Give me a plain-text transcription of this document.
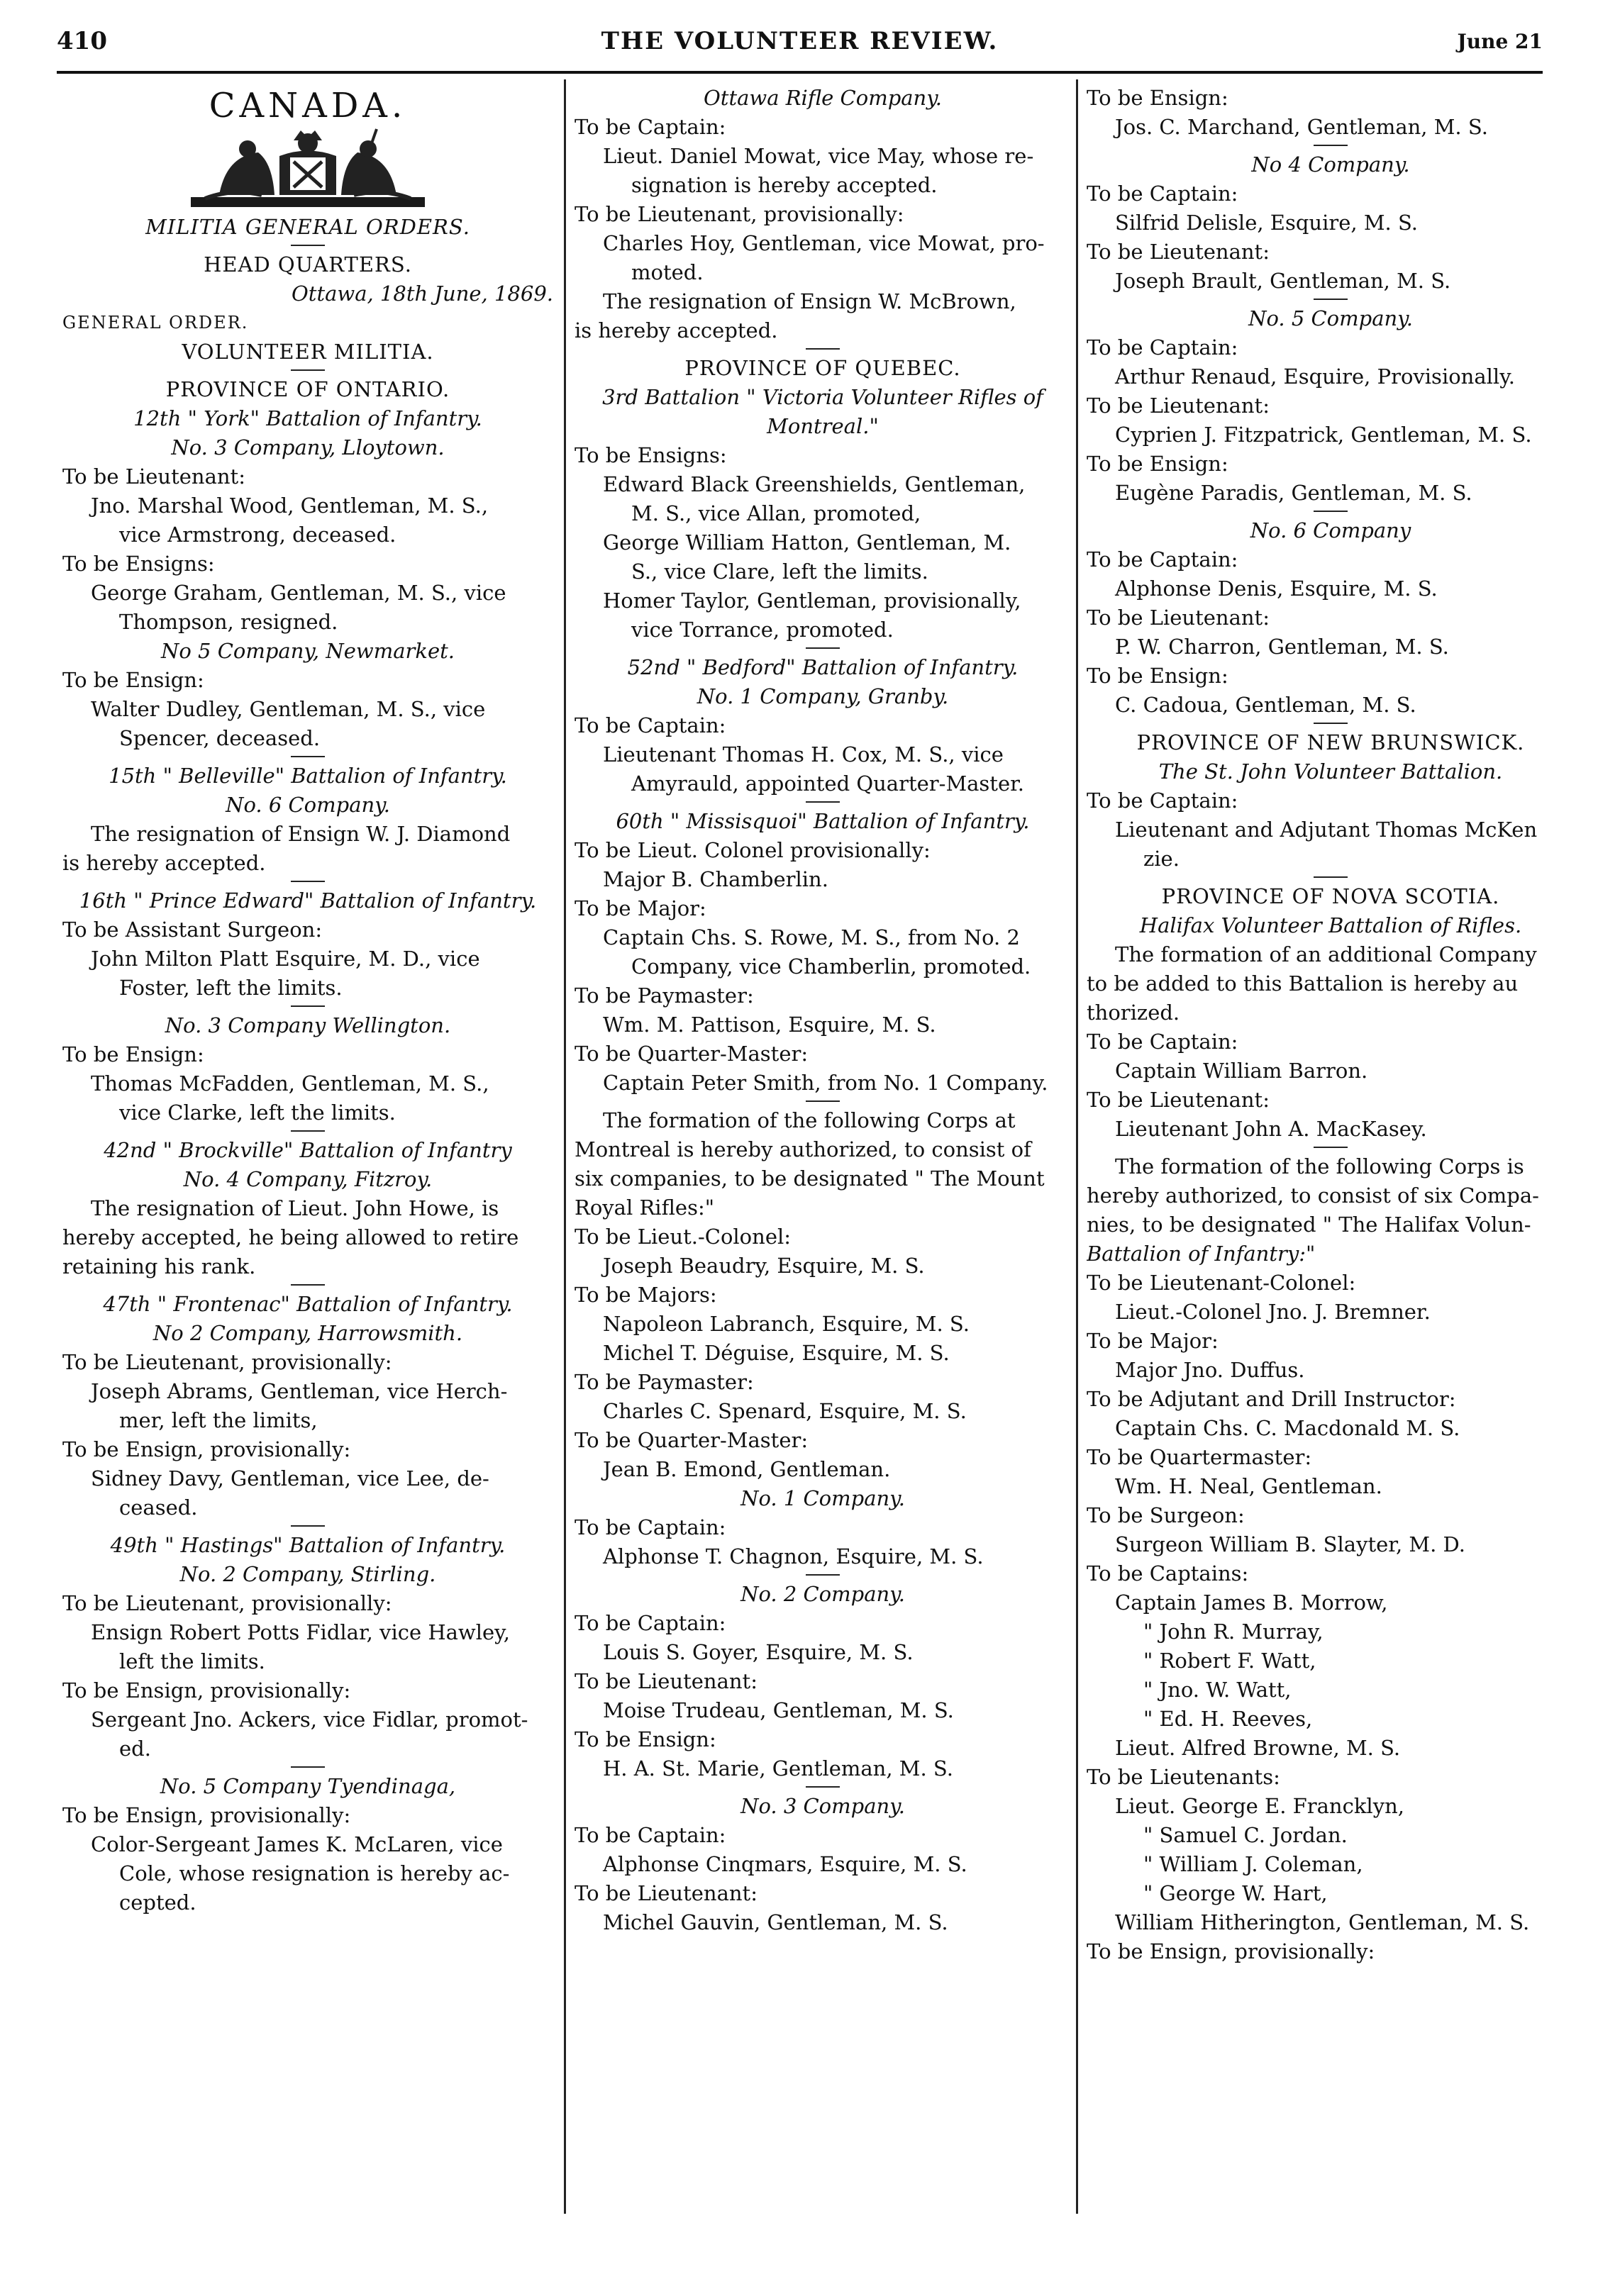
410	THE VOLUNTEER REVIEW.	June 21
CANADA.
MILITIA GENERAL ORDERS.
HEAD QUARTERS.
Ottawa, 18th June, 1869.
GENERAL ORDER.
VOLUNTEER MILITIA.
PROVINCE OF ONTARIO.
12th " York" Battalion of Infantry.
No. 3 Company, Lloytown.
To be Lieutenant:
Jno. Marshal Wood, Gentleman, M. S.,
vice Armstrong, deceased.
To be Ensigns:
George Graham, Gentleman, M. S., vice
Thompson, resigned.
No 5 Company, Newmarket.
To be Ensign:
Walter Dudley, Gentleman, M. S., vice
Spencer, deceased.
15th " Belleville" Battalion of Infantry.
No. 6 Company.
The resignation of Ensign W. J. Diamond
is hereby accepted.
16th " Prince Edward" Battalion of Infantry.
To be Assistant Surgeon:
John Milton Platt Esquire, M. D., vice
Foster, left the limits.
No. 3 Company Wellington.
To be Ensign:
Thomas McFadden, Gentleman, M. S.,
vice Clarke, left the limits.
42nd " Brockville" Battalion of Infantry
No. 4 Company, Fitzroy.
The resignation of Lieut. John Howe, is
hereby accepted, he being allowed to retire
retaining his rank.
47th " Frontenac" Battalion of Infantry.
No 2 Company, Harrowsmith.
To be Lieutenant, provisionally:
Joseph Abrams, Gentleman, vice Herch-
mer, left the limits,
To be Ensign, provisionally:
Sidney Davy, Gentleman, vice Lee, de-
ceased.
49th " Hastings" Battalion of Infantry.
No. 2 Company, Stirling.
To be Lieutenant, provisionally:
Ensign Robert Potts Fidlar, vice Hawley,
left the limits.
To be Ensign, provisionally:
Sergeant Jno. Ackers, vice Fidlar, promot-
ed.
No. 5 Company Tyendinaga,
To be Ensign, provisionally:
Color-Sergeant James K. McLaren, vice
Cole, whose resignation is hereby ac-
cepted.
Ottawa Rifle Company.
To be Captain:
Lieut. Daniel Mowat, vice May, whose re-
signation is hereby accepted.
To be Lieutenant, provisionally:
Charles Hoy, Gentleman, vice Mowat, pro-
moted.
The resignation of Ensign W. McBrown,
is hereby accepted.
PROVINCE OF QUEBEC.
3rd Battalion " Victoria Volunteer Rifles of
Montreal."
To be Ensigns:
Edward Black Greenshields, Gentleman,
M. S., vice Allan, promoted,
George William Hatton, Gentleman, M.
S., vice Clare, left the limits.
Homer Taylor, Gentleman, provisionally,
vice Torrance, promoted.
52nd " Bedford" Battalion of Infantry.
No. 1 Company, Granby.
To be Captain:
Lieutenant Thomas H. Cox, M. S., vice
Amyrauld, appointed Quarter-Master.
60th " Missisquoi" Battalion of Infantry.
To be Lieut. Colonel provisionally:
Major B. Chamberlin.
To be Major:
Captain Chs. S. Rowe, M. S., from No. 2
Company, vice Chamberlin, promoted.
To be Paymaster:
Wm. M. Pattison, Esquire, M. S.
To be Quarter-Master:
Captain Peter Smith, from No. 1 Company.
The formation of the following Corps at
Montreal is hereby authorized, to consist of
six companies, to be designated " The Mount
Royal Rifles:"
To be Lieut.-Colonel:
Joseph Beaudry, Esquire, M. S.
To be Majors:
Napoleon Labranch, Esquire, M. S.
Michel T. Déguise, Esquire, M. S.
To be Paymaster:
Charles C. Spenard, Esquire, M. S.
To be Quarter-Master:
Jean B. Emond, Gentleman.
No. 1 Company.
To be Captain:
Alphonse T. Chagnon, Esquire, M. S.
No. 2 Company.
To be Captain:
Louis S. Goyer, Esquire, M. S.
To be Lieutenant:
Moise Trudeau, Gentleman, M. S.
To be Ensign:
H. A. St. Marie, Gentleman, M. S.
No. 3 Company.
To be Captain:
Alphonse Cinqmars, Esquire, M. S.
To be Lieutenant:
Michel Gauvin, Gentleman, M. S.
To be Ensign:
Jos. C. Marchand, Gentleman, M. S.
No 4 Company.
To be Captain:
Silfrid Delisle, Esquire, M. S.
To be Lieutenant:
Joseph Brault, Gentleman, M. S.
No. 5 Company.
To be Captain:
Arthur Renaud, Esquire, Provisionally.
To be Lieutenant:
Cyprien J. Fitzpatrick, Gentleman, M. S.
To be Ensign:
Eugène Paradis, Gentleman, M. S.
No. 6 Company
To be Captain:
Alphonse Denis, Esquire, M. S.
To be Lieutenant:
P. W. Charron, Gentleman, M. S.
To be Ensign:
C. Cadoua, Gentleman, M. S.
PROVINCE OF NEW BRUNSWICK.
The St. John Volunteer Battalion.
To be Captain:
Lieutenant and Adjutant Thomas McKen
zie.
PROVINCE OF NOVA SCOTIA.
Halifax Volunteer Battalion of Rifles.
The formation of an additional Company
to be added to this Battalion is hereby au
thorized.
To be Captain:
Captain William Barron.
To be Lieutenant:
Lieutenant John A. MacKasey.
The formation of the following Corps is
hereby authorized, to consist of six Compa-
nies, to be designated " The Halifax Volun-
Battalion of Infantry:"
To be Lieutenant-Colonel:
Lieut.-Colonel Jno. J. Bremner.
To be Major:
Major Jno. Duffus.
To be Adjutant and Drill Instructor:
Captain Chs. C. Macdonald M. S.
To be Quartermaster:
Wm. H. Neal, Gentleman.
To be Surgeon:
Surgeon William B. Slayter, M. D.
To be Captains:
Captain James B. Morrow,
" John R. Murray,
" Robert F. Watt,
" Jno. W. Watt,
" Ed. H. Reeves,
Lieut. Alfred Browne, M. S.
To be Lieutenants:
Lieut. George E. Francklyn,
" Samuel C. Jordan.
" William J. Coleman,
" George W. Hart,
William Hitherington, Gentleman, M. S.
To be Ensign, provisionally:
